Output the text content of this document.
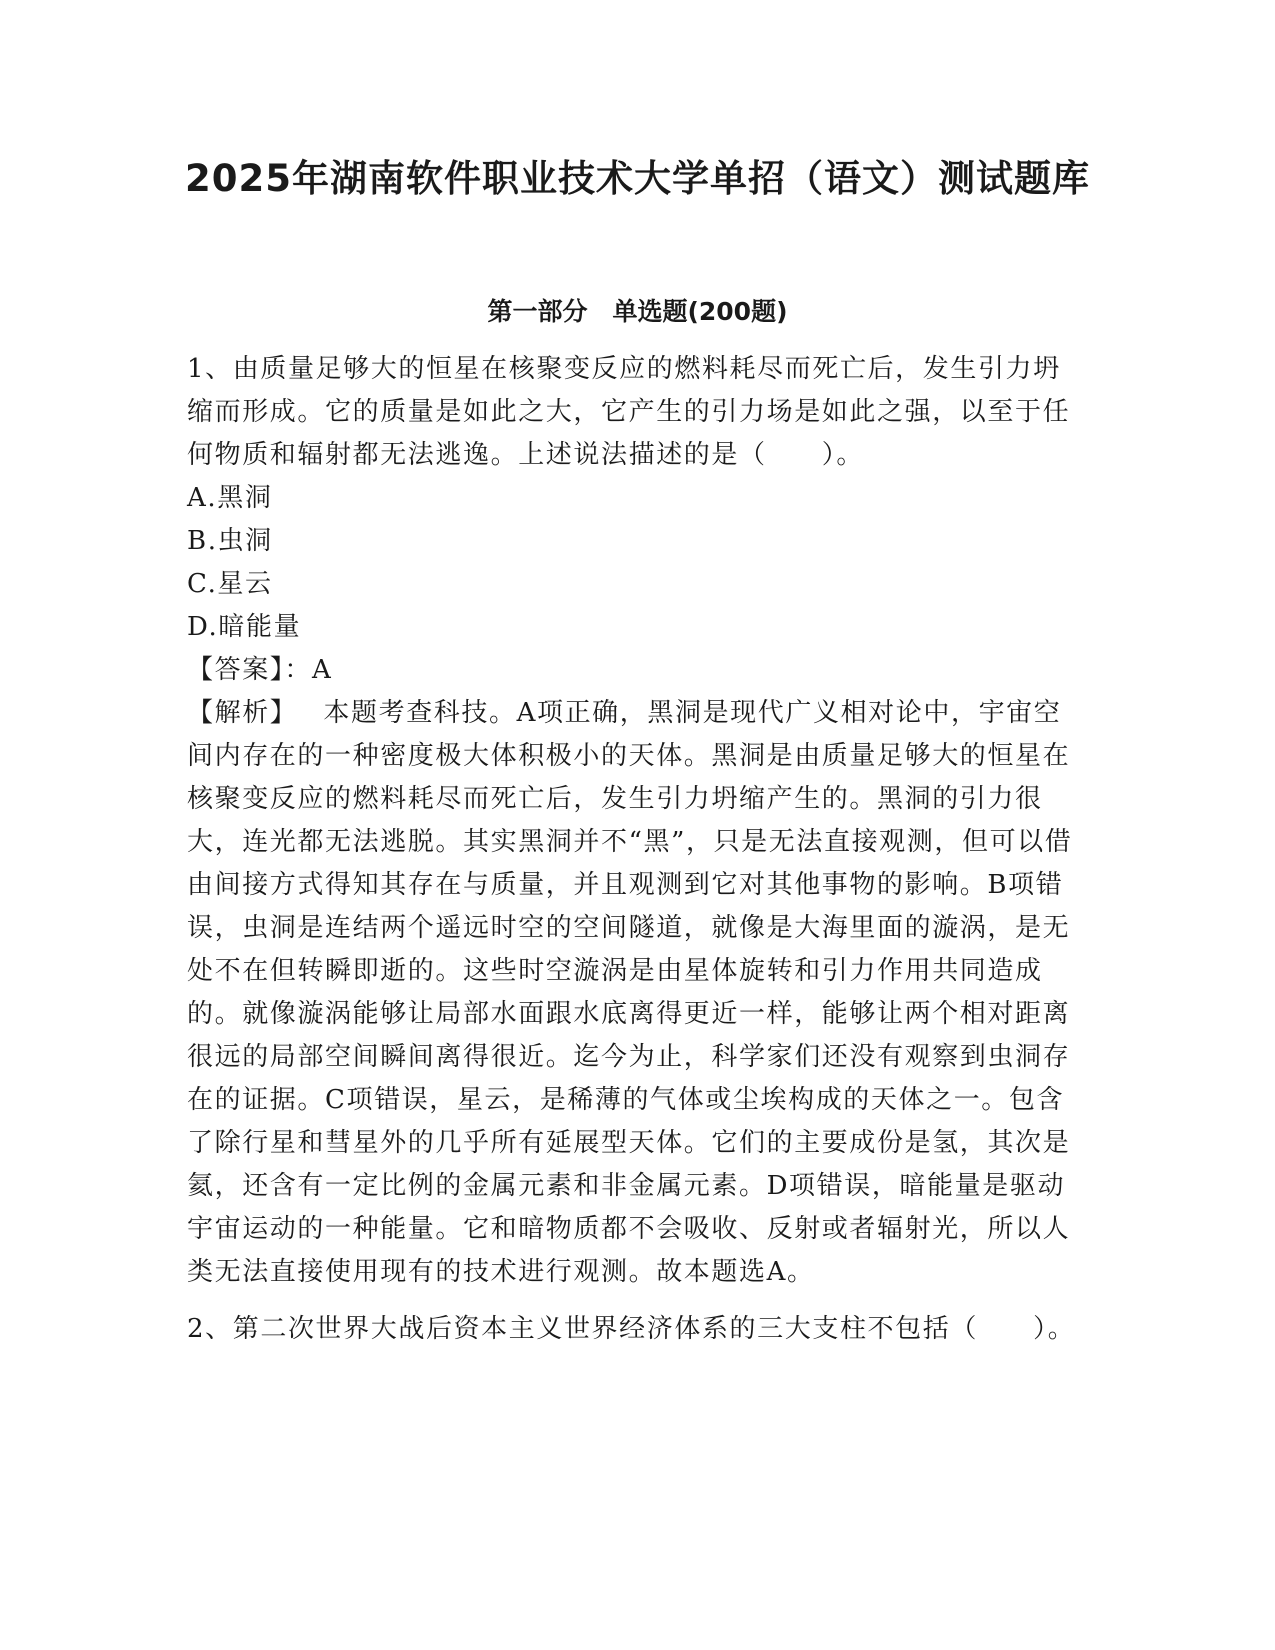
2025年湖南软件职业技术大学单招（语文）测试题库
第一部分　单选题(200题)

1、由质量足够大的恒星在核聚变反应的燃料耗尽而死亡后，发生引力坍缩而形成。它的质量是如此之大，它产生的引力场是如此之强，以至于任何物质和辐射都无法逃逸。上述说法描述的是（　　）。

A.黑洞
B.虫洞
C.星云
D.暗能量

【答案】：A

【解析】 本题考查科技。A项正确，黑洞是现代广义相对论中，宇宙空间内存在的一种密度极大体积极小的天体。黑洞是由质量足够大的恒星在核聚变反应的燃料耗尽而死亡后，发生引力坍缩产生的。黑洞的引力很大，连光都无法逃脱。其实黑洞并不“黑”，只是无法直接观测，但可以借由间接方式得知其存在与质量，并且观测到它对其他事物的影响。B项错误，虫洞是连结两个遥远时空的空间隧道，就像是大海里面的漩涡，是无处不在但转瞬即逝的。这些时空漩涡是由星体旋转和引力作用共同造成的。就像漩涡能够让局部水面跟水底离得更近一样，能够让两个相对距离很远的局部空间瞬间离得很近。迄今为止，科学家们还没有观察到虫洞存在的证据。C项错误，星云，是稀薄的气体或尘埃构成的天体之一。包含了除行星和彗星外的几乎所有延展型天体。它们的主要成份是氢，其次是氦，还含有一定比例的金属元素和非金属元素。D项错误，暗能量是驱动宇宙运动的一种能量。它和暗物质都不会吸收、反射或者辐射光，所以人类无法直接使用现有的技术进行观测。故本题选A。

2、第二次世界大战后资本主义世界经济体系的三大支柱不包括（　　）。
